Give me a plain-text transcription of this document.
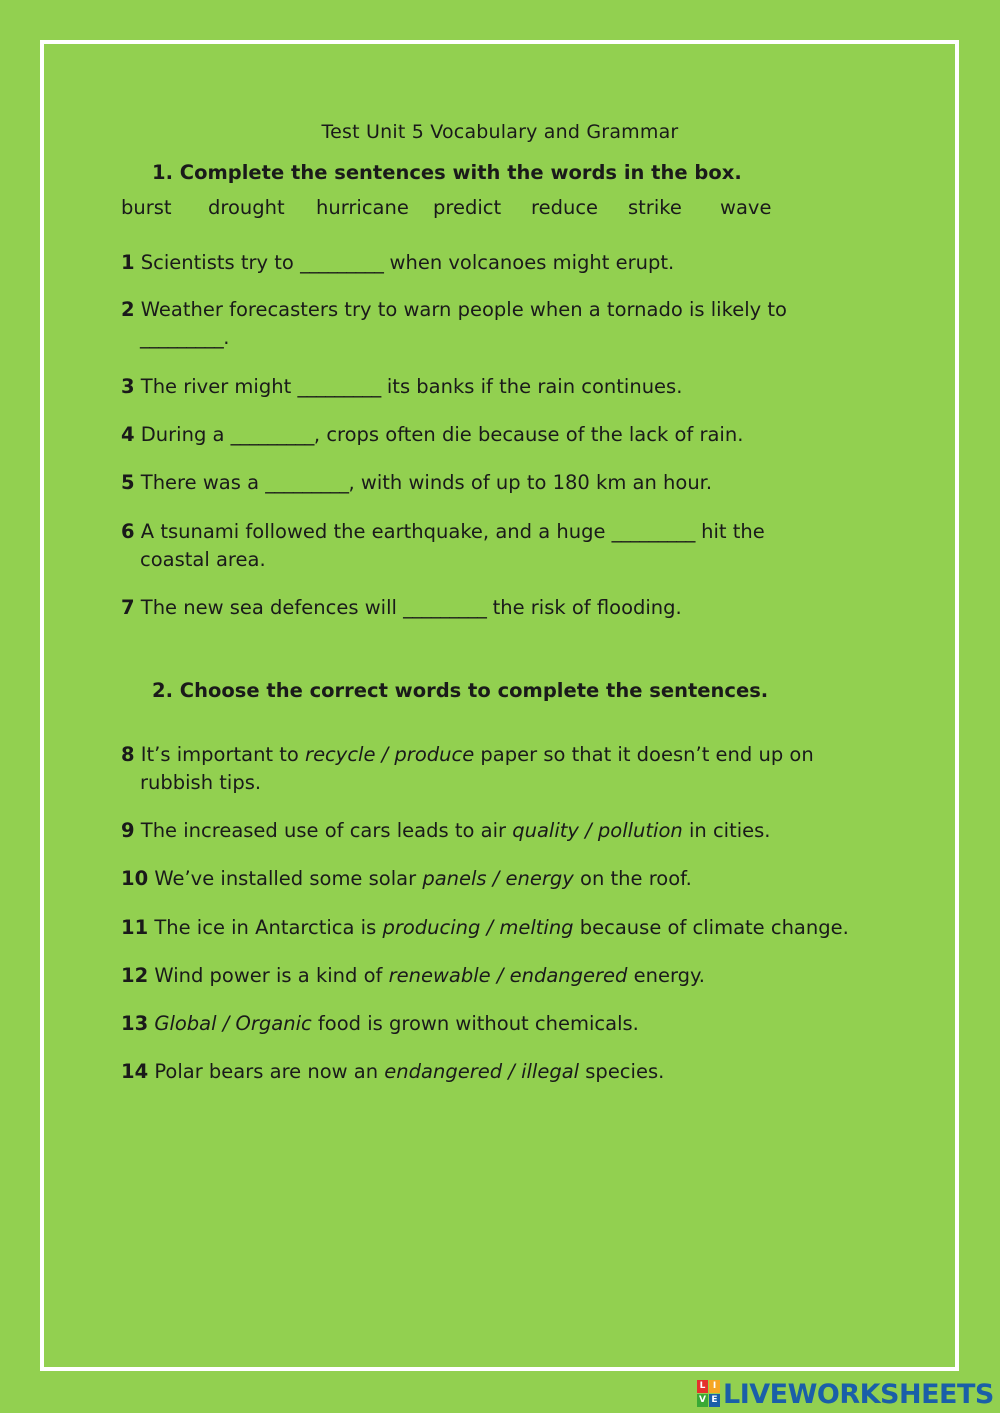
Test Unit 5 Vocabulary and Grammar
1. Complete the sentences with the words in the box.
burst	drought	hurricane	predict	reduce	strike	wave
1 Scientists try to _________ when volcanoes might erupt.
2 Weather forecasters try to warn people when a tornado is likely to
_________.
3 The river might _________ its banks if the rain continues.
4 During a _________, crops often die because of the lack of rain.
5 There was a _________, with winds of up to 180 km an hour.
6 A tsunami followed the earthquake, and a huge _________ hit the
coastal area.
7 The new sea defences will _________ the risk of flooding.
2. Choose the correct words to complete the sentences.
8 It’s important to recycle / produce paper so that it doesn’t end up on
rubbish tips.
9 The increased use of cars leads to air quality / pollution in cities.
10 We’ve installed some solar panels / energy on the roof.
11 The ice in Antarctica is producing / melting because of climate change.
12 Wind power is a kind of renewable / endangered energy.
13 Global / Organic food is grown without chemicals.
14 Polar bears are now an endangered / illegal species.
L I
V E LIVEWORKSHEETS
